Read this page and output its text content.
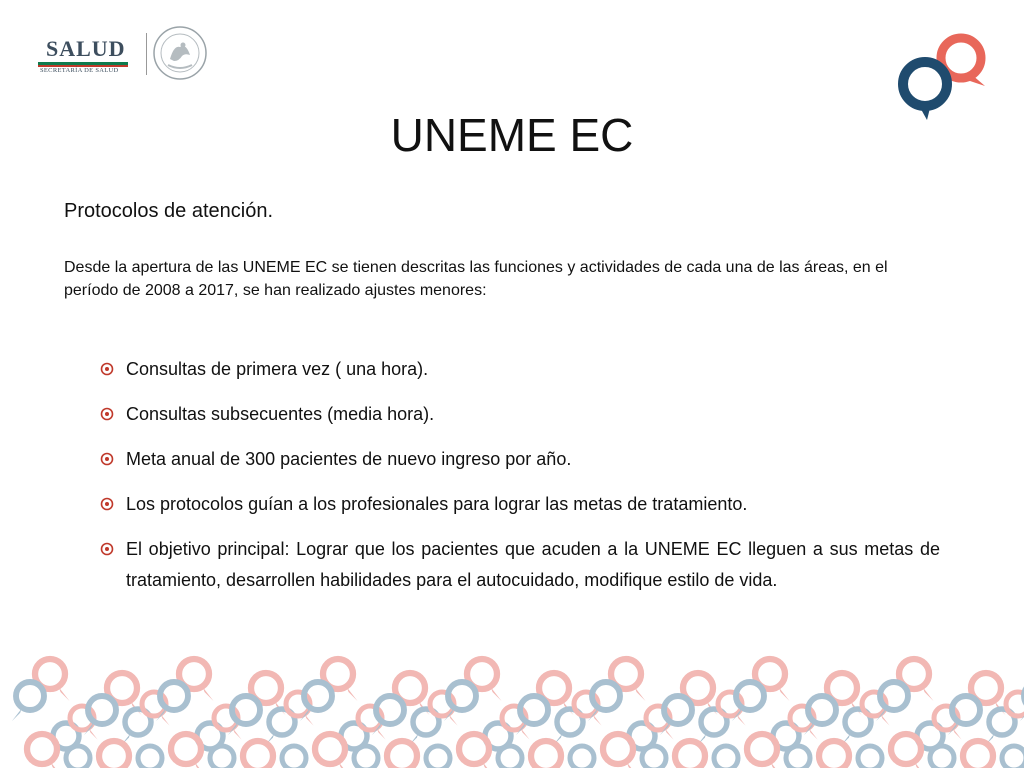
SALUD
SECRETARÍA DE SALUD
UNEME EC
Protocolos de atención.
Desde la apertura de las UNEME EC se tienen descritas las funciones y actividades de cada una de las áreas, en el período de 2008 a 2017, se han realizado ajustes menores:
Consultas de primera vez ( una hora).
Consultas subsecuentes (media hora).
Meta anual de 300 pacientes de nuevo ingreso por año.
Los protocolos guían a los profesionales para lograr las metas de tratamiento.
El objetivo principal: Lograr que los pacientes que acuden a la UNEME EC lleguen a sus metas de tratamiento, desarrollen habilidades para el autocuidado, modifique estilo de vida.
